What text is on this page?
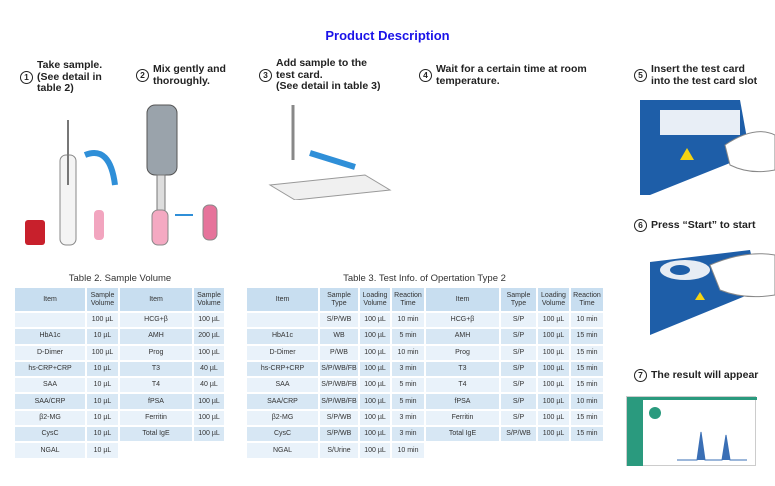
Product Description
1
Take sample.
(See detail in
table 2)
2 Mix gently and
thoroughly.	3
Add sample to the
test card.
(See detail in table 3)
4 Wait for a certain time at room
temperature.	5 Insert the test card
into the test card slot
6 Press “Start” to start
7 The result will appear
Table 2. Sample Volume
Item
Sample Volume
100 µL
HbA1c	10 µL
D-Dimer	100 µL
hs-CRP+CRP	10 µL
SAA	10 µL
SAA/CRP	10 µL
β2-MG	10 µL
CysC	10 µL
NGAL	10 µL
Item
Sample Volume
HCG+β	100 µL
AMH	200 µL
Prog	100 µL
T3	40 µL
T4	40 µL
fPSA	100 µL
Ferritin	100 µL
Total IgE	100 µL
Table 3. Test Info. of Opertation Type 2
Item
Sample Type
Loading Volume
Reaction Time
S/P/WB	100 µL	10 min
HbA1c	WB	100 µL	5 min
D-Dimer	P/WB	100 µL	10 min
hs-CRP+CRP	S/P/WB/FB	100 µL	3 min
SAA	S/P/WB/FB	100 µL	5 min
SAA/CRP	S/P/WB/FB	100 µL	5 min
β2-MG	S/P/WB	100 µL	3 min
CysC	S/P/WB	100 µL	3 min
NGAL	S/Urine	100 µL	10 min
Item
Sample Type
Loading Volume
Reaction Time
HCG+β	S/P	100 µL	10 min
AMH	S/P	100 µL	15 min
Prog	S/P	100 µL	15 min
T3	S/P	100 µL	15 min
T4	S/P	100 µL	15 min
fPSA	S/P	100 µL	10 min
Ferritin	S/P	100 µL	15 min
Total IgE	S/P/WB	100 µL	15 min
